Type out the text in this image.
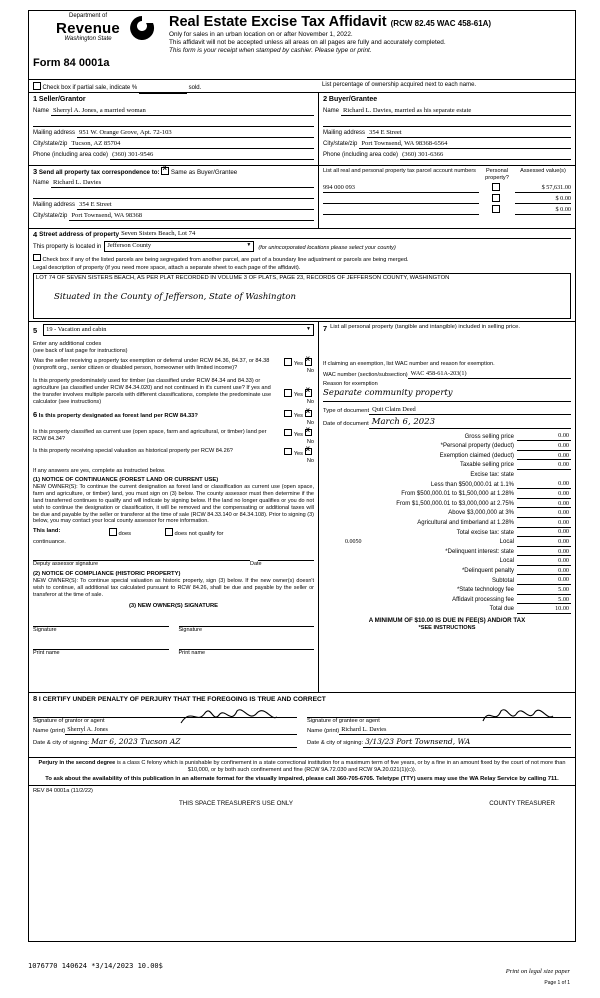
Department of
Revenue
Washington State
Form 84 0001a
Real Estate Excise Tax Affidavit (RCW 82.45 WAC 458-61A)
Only for sales in an urban location on or after November 1, 2022.
This affidavit will not be accepted unless all areas on all pages are fully and accurately completed.
This form is your receipt when stamped by cashier. Please type or print.
Check box if partial sale, indicate %	sold.	List percentage of ownership acquired next to each name.
1 Seller/Grantor
Name Sherryl A. Jones, a married woman

Mailing address 951 W. Orange Grove, Apt. 72-103
City/state/zip Tucson, AZ 85704
Phone (including area code) (360) 301-9546
2 Buyer/Grantee
Name Richard L. Davies, married as his separate estate

Mailing address 354 E Street
City/state/zip Port Townsend, WA 98368-6564
Phone (including area code) (360) 301-6366
3 Send all property tax correspondence to: X Same as Buyer/Grantee
Name Richard L. Davies

Mailing address 354 E Street
City/state/zip Port Townsend, WA 98368
List all real and personal property tax parcel account numbers	Personal property?
Assessed value(s)
994 000 093	$ 57,631.00
$ 0.00
$ 0.00
4 Street address of property Seven Sisters Beach, Lot 74
This property is located in Jefferson County	▼ (for unincorporated locations please select your county)
Check box if any of the listed parcels are being segregated from another parcel, are part of a boundary line adjustment or parcels are being merged.
Legal description of property (if you need more space, attach a separate sheet to each page of the affidavit).
LOT 74 OF SEVEN SISTERS BEACH, AS PER PLAT RECORDED IN VOLUME 3 OF PLATS, PAGE 23, RECORDS OF JEFFERSON COUNTY, WASHINGTON
Situated in the County of Jefferson, State of Washington
5 19 - Vacation and cabin	▼
Enter any additional codes
(see back of last page for instructions)
Was the seller receiving a property tax exemption or deferral under RCW 84.36, 84.37, or 84.38 (nonprofit org., senior citizen or disabled person, homeowner with limited income)?
Yes XNo
Is this property predominately used for timber (as classified under RCW 84.34 and 84.33) or agriculture (as classified under RCW 84.34.020) and not continued in it's current use? If yes and the transfer involves multiple parcels with different classifications, complete the predominate use calculator (see instructions)
Yes XNo
6 Is this property designated as forest land per RCW 84.33?	Yes XNo
Is this property classified as current use (open space, farm and agricultural, or timber) land per RCW 84.34?
Yes XNo
Is this property receiving special valuation as historical property per RCW 84.26?	Yes XNo
If any answers are yes, complete as instructed below.
(1) NOTICE OF CONTINUANCE (FOREST LAND OR CURRENT USE)
NEW OWNER(S): To continue the current designation as forest land or classification as current use (open space, farm and agriculture, or timber) land, you must sign on (3) below. The county assessor must then determine if the land transferred continues to qualify and will indicate by signing below. If the land no longer qualifies or you do not wish to continue the designation or classification, it will be removed and the compensating or additional taxes will be due and payable by the seller or transferor at the time of sale (RCW 84.33.140 or 84.34.108). Prior to signing (3) below, you may contact your local county assessor for more information.
This land:	does	does not qualify for
continuance.
Deputy assessor signature	Date
(2) NOTICE OF COMPLIANCE (HISTORIC PROPERTY)
NEW OWNER(S): To continue special valuation as historic property, sign (3) below. If the new owner(s) doesn't wish to continue, all additional tax calculated pursuant to RCW 84.26, shall be due and payable by the seller or transferor at the time of sale.
(3) NEW OWNER(S) SIGNATURE
Signature	Signature
Print name	Print name
7 List all personal property (tangible and intangible) included in selling price.
If claiming an exemption, list WAC number and reason for exemption.
WAC number (section/subsection) WAC 458-61A-203(1)
Reason for exemption
Separate community property
Type of document Quit Claim Deed
Date of document March 6, 2023
Gross selling price	0.00
*Personal property (deduct)	0.00
Exemption claimed (deduct)	0.00
Taxable selling price	0.00
Excise tax: state
Less than $500,000.01 at 1.1%	0.00
From $500,000.01 to $1,500,000 at 1.28%	0.00
From $1,500,000.01 to $3,000,000 at 2.75%	0.00
Above $3,000,000 at 3%	0.00
Agricultural and timberland at 1.28%	0.00
Total excise tax: state	0.00
0.0050	Local	0.00
*Delinquent interest: state	0.00
Local	0.00
*Delinquent penalty	0.00
Subtotal	0.00
*State technology fee	5.00
Affidavit processing fee	5.00
Total due	10.00
A MINIMUM OF $10.00 IS DUE IN FEE(S) AND/OR TAX
*SEE INSTRUCTIONS
8 I CERTIFY UNDER PENALTY OF PERJURY THAT THE FOREGOING IS TRUE AND CORRECT
Signature of grantor or agent
Name (print) Sherryl A. Jones
Date & city of signing: Mar 6, 2023 Tucson AZ
Signature of grantee or agent
Name (print) Richard L. Davies
Date & city of signing: 3/13/23 Port Townsend, WA
Perjury in the second degree is a class C felony which is punishable by confinement in a state correctional institution for a maximum term of five years, or by a fine in an amount fixed by the court of not more than $10,000, or by both such confinement and fine (RCW 9A.72.030 and RCW 9A.20.021(1)(c)).
To ask about the availability of this publication in an alternate format for the visually impaired, please call 360-705-6705. Teletype (TTY) users may use the WA Relay Service by calling 711.
REV 84 0001a (11/2/22)
THIS SPACE TREASURER'S USE ONLY	COUNTY TREASURER
1076770 140624 *3/14/2023 10.00$
Print on legal size paper
Page 1 of 1
